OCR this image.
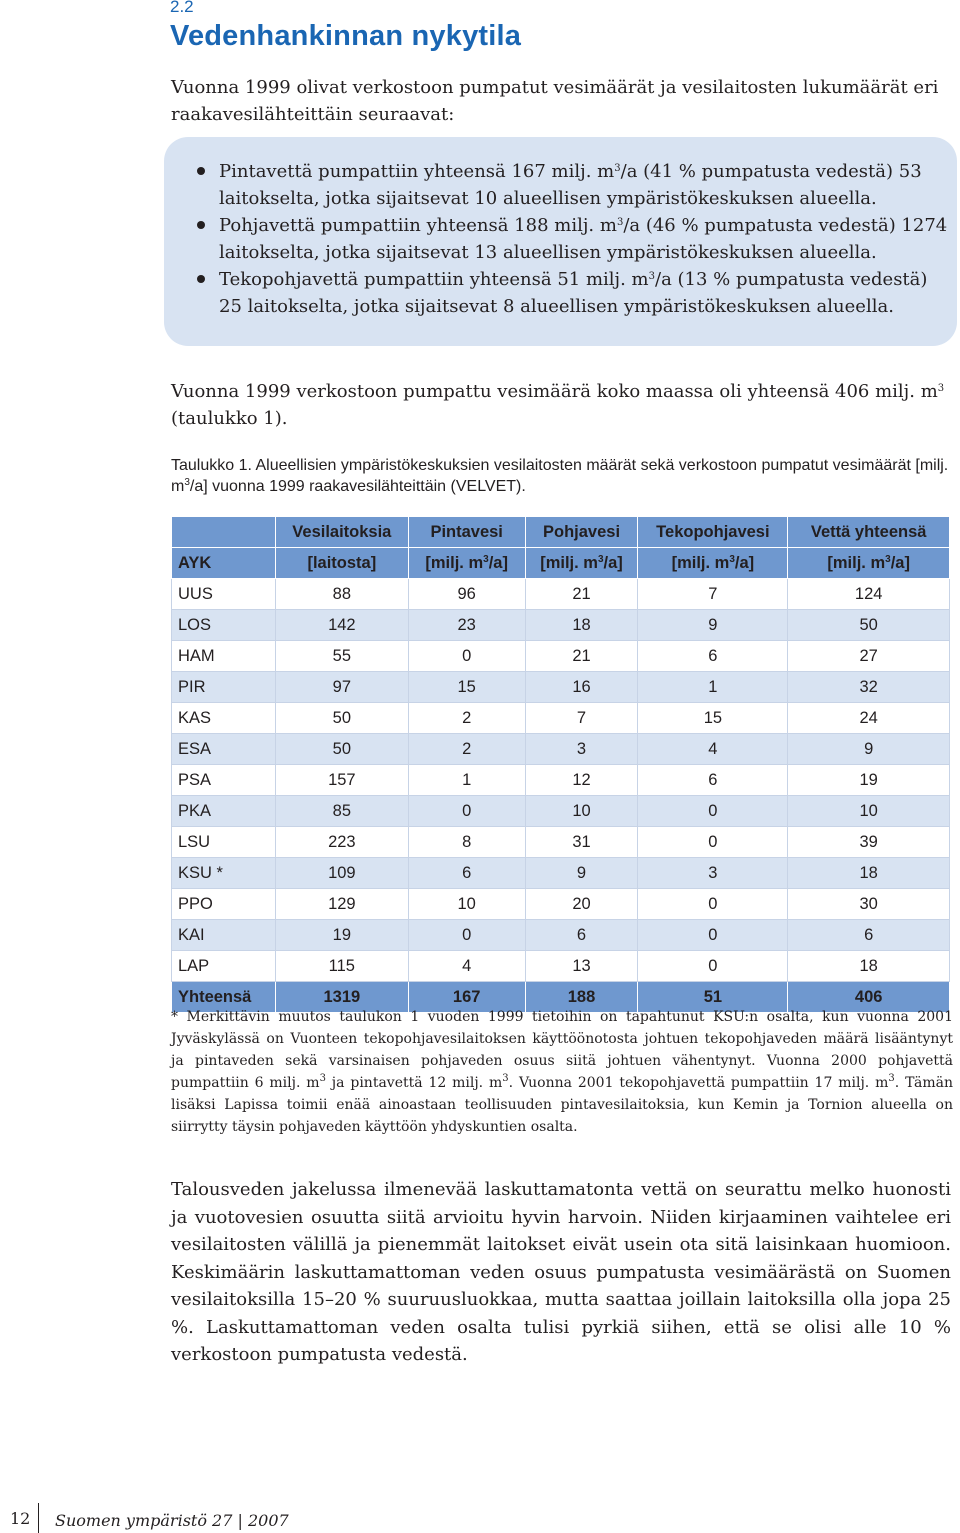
2.2
Vedenhankinnan nykytila
Vuonna 1999 olivat verkostoon pumpatut vesimäärät ja vesilaitosten lukumäärät eri raakavesilähteittäin seuraavat:
Pintavettä pumpattiin yhteensä 167 milj. $m^3/a$ (41 % pumpatusta vedestä) 53 laitokselta, jotka sijaitsevat 10 alueellisen ympäristökeskuksen alueella.
Pohjavettä pumpattiin yhteensä 188 milj. $m^3/a$ (46 % pumpatusta vedestä) 1274 laitokselta, jotka sijaitsevat 13 alueellisen ympäristökeskuksen alueella.
Tekopohjavettä pumpattiin yhteensä 51 milj. $m^3/a$ (13 % pumpatusta vedestä) 25 laitokselta, jotka sijaitsevat 8 alueellisen ympäristökeskuksen alueella.
Vuonna 1999 verkostoon pumpattu vesimäärä koko maassa oli yhteensä 406 milj. $m^3$ (taulukko 1).
Taulukko 1. Alueellisien ympäristökeskuksien vesilaitosten määrät sekä verkostoon pumpatut vesimäärät [milj. $m^3/a$] vuonna 1999 raakavesilähteittäin (VELVET).
	Vesilaitoksia	Pintavesi	Pohjavesi	Tekopohjavesi	Vettä yhteensä
AYK	[laitosta]	[milj. $m^3/a$]	[milj. $m^3/a$]	[milj. $m^3/a$]	[milj. $m^3/a$]
UUS	88	96	21	7	124
LOS	142	23	18	9	50
HAM	55	0	21	6	27
PIR	97	15	16	1	32
KAS	50	2	7	15	24
ESA	50	2	3	4	9
PSA	157	1	12	6	19
PKA	85	0	10	0	10
LSU	223	8	31	0	39
KSU *	109	6	9	3	18
PPO	129	10	20	0	30
KAI	19	0	6	0	6
LAP	115	4	13	0	18
Yhteensä	1319	167	188	51	406
* Merkittävin muutos taulukon 1 vuoden 1999 tietoihin on tapahtunut KSU:n osalta, kun vuonna 2001 Jyväskylässä on Vuonteen tekopohjavesilaitoksen käyttöönotosta johtuen tekopohjaveden määrä lisääntynyt ja pintaveden sekä varsinaisen pohjaveden osuus siitä johtuen vähentynyt. Vuonna 2000 pohjavettä pumpattiin 6 milj. $m^3$ ja pintavettä 12 milj. $m^3$. Vuonna 2001 tekopohjavettä pumpattiin 17 milj. $m^3$. Tämän lisäksi Lapissa toimii enää ainoastaan teollisuuden pintavesilaitoksia, kun Kemin ja Tornion alueella on siirrytty täysin pohjaveden käyttöön yhdyskuntien osalta.
Talousveden jakelussa ilmenevää laskuttamatonta vettä on seurattu melko huonosti ja vuotovesien osuutta siitä arvioitu hyvin harvoin. Niiden kirjaaminen vaihtelee eri vesilaitosten välillä ja pienemmät laitokset eivät usein ota sitä laisinkaan huomioon. Keskimäärin laskuttamattoman veden osuus pumpatusta vesimäärästä on Suomen vesilaitoksilla 15–20 % suuruusluokkaa, mutta saattaa joillain laitoksilla olla jopa 25 %. Laskuttamattoman veden osalta tulisi pyrkiä siihen, että se olisi alle 10 % verkostoon pumpatusta vedestä.
12 Suomen ympäristö 27 | 2007
